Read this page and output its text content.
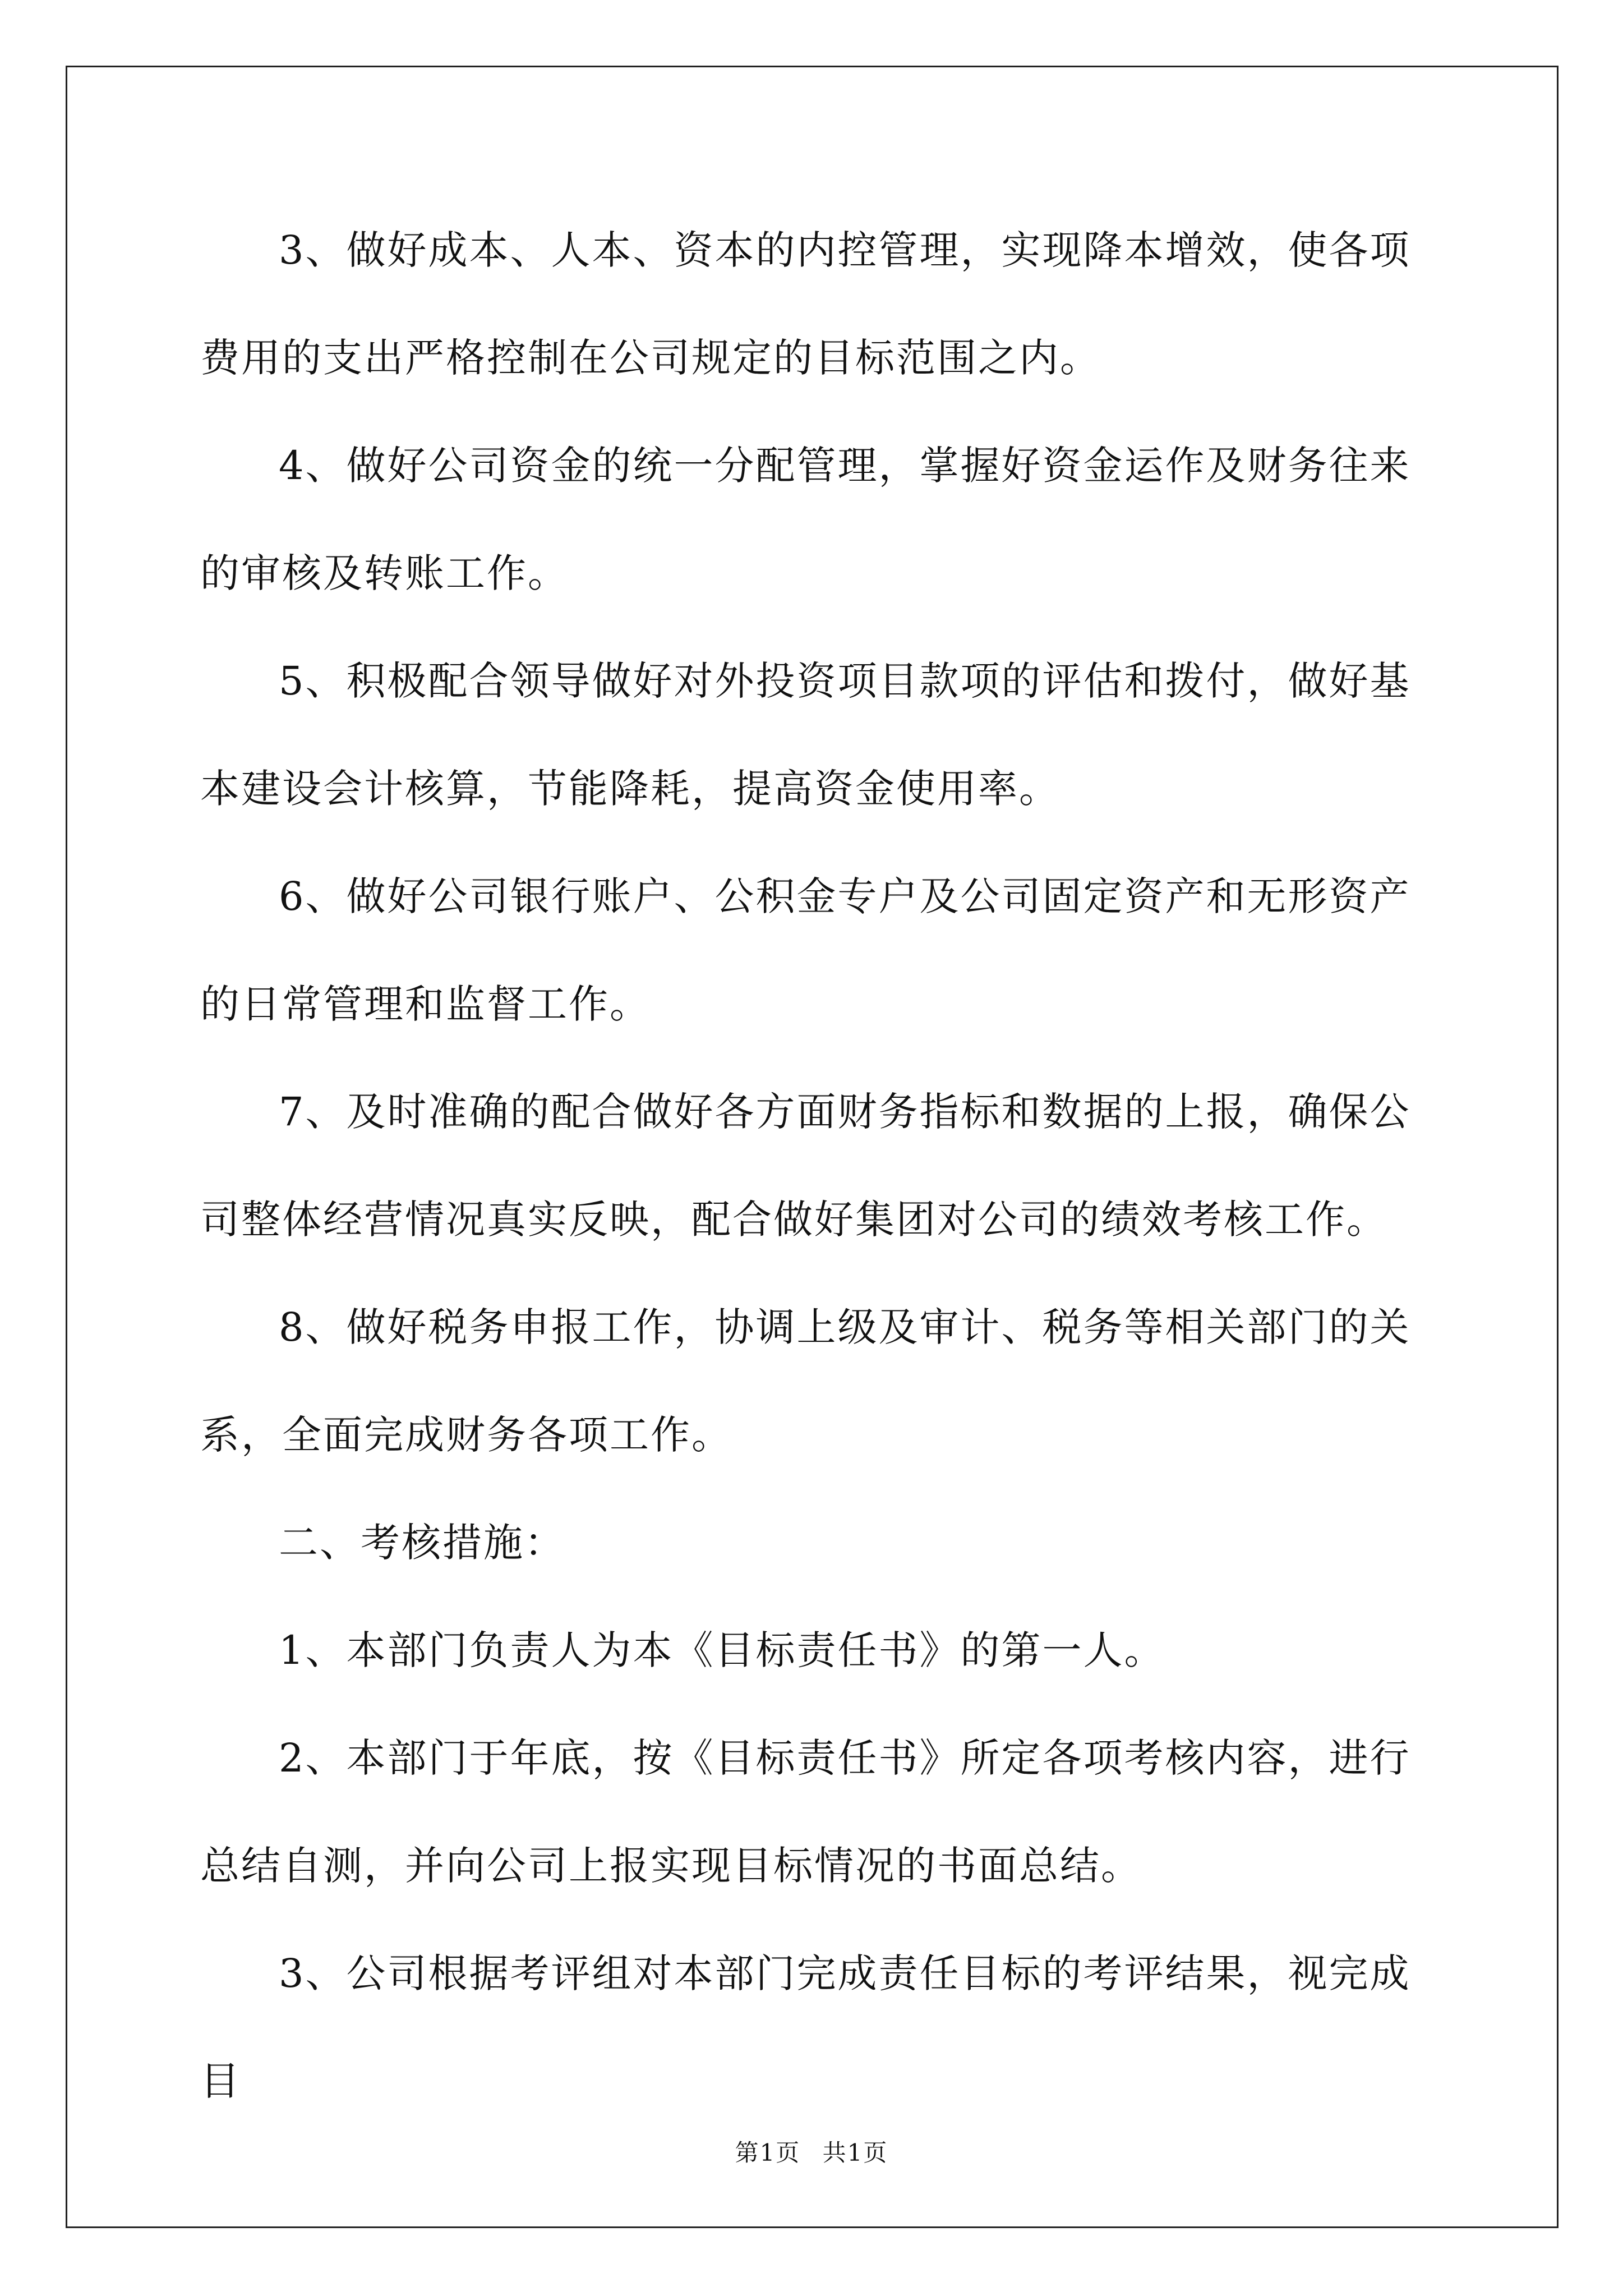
3、做好成本、人本、资本的内控管理，实现降本增效，使各项费用的支出严格控制在公司规定的目标范围之内。

4、做好公司资金的统一分配管理，掌握好资金运作及财务往来的审核及转账工作。

5、积极配合领导做好对外投资项目款项的评估和拨付，做好基本建设会计核算，节能降耗，提高资金使用率。

6、做好公司银行账户、公积金专户及公司固定资产和无形资产的日常管理和监督工作。

7、及时准确的配合做好各方面财务指标和数据的上报，确保公司整体经营情况真实反映，配合做好集团对公司的绩效考核工作。

8、做好税务申报工作，协调上级及审计、税务等相关部门的关系，全面完成财务各项工作。

二、考核措施：

1、本部门负责人为本《目标责任书》的第一人。

2、本部门于年底，按《目标责任书》所定各项考核内容，进行总结自测，并向公司上报实现目标情况的书面总结。

3、公司根据考评组对本部门完成责任目标的考评结果，视完成目

第1页 共1页
